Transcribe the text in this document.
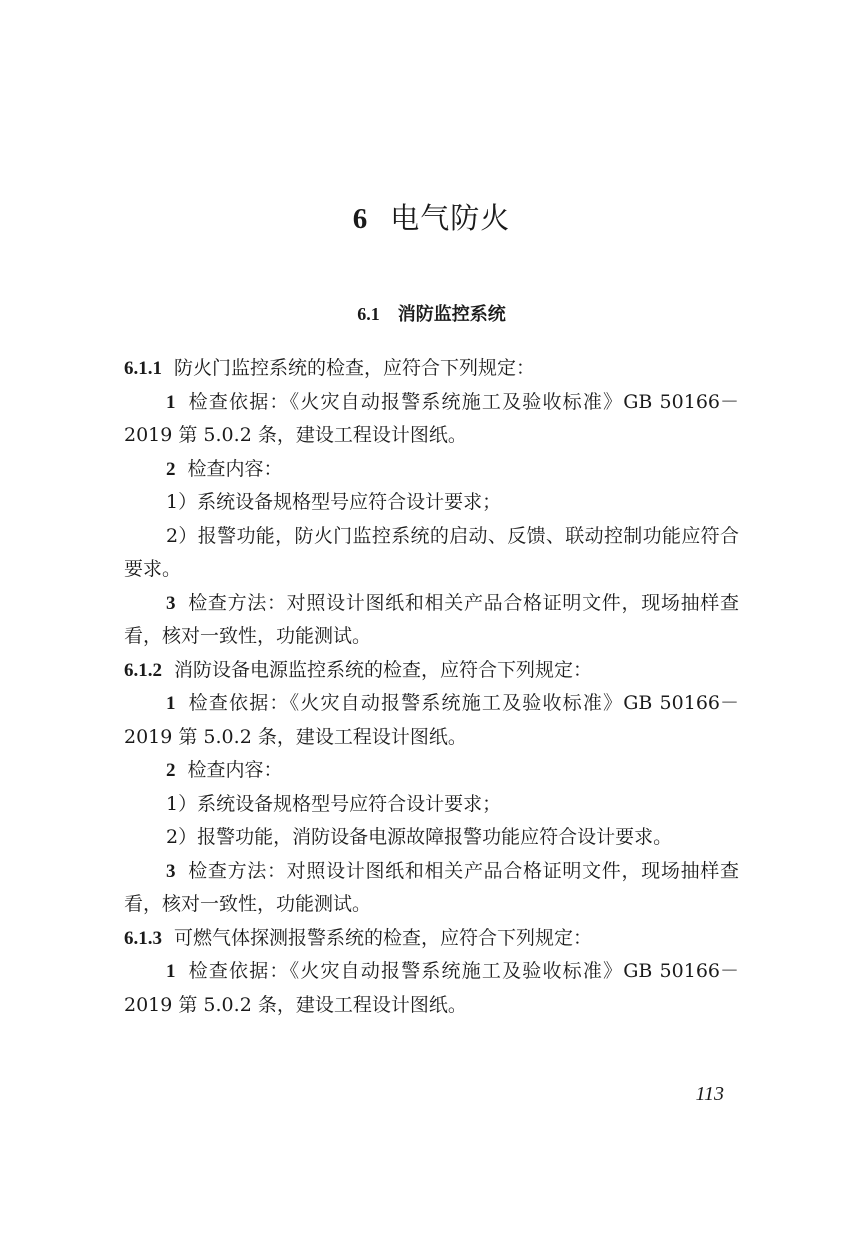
6 电气防火
6.1 消防监控系统

6.1.1 防火门监控系统的检查，应符合下列规定：

1 检查依据：《火灾自动报警系统施工及验收标准》GB 50166－2019 第 5.0.2 条，建设工程设计图纸。

2 检查内容：

1）系统设备规格型号应符合设计要求；

2）报警功能，防火门监控系统的启动、反馈、联动控制功能应符合要求。

3 检查方法：对照设计图纸和相关产品合格证明文件，现场抽样查看，核对一致性，功能测试。

6.1.2 消防设备电源监控系统的检查，应符合下列规定：

1 检查依据：《火灾自动报警系统施工及验收标准》GB 50166－2019 第 5.0.2 条，建设工程设计图纸。

2 检查内容：

1）系统设备规格型号应符合设计要求；

2）报警功能，消防设备电源故障报警功能应符合设计要求。

3 检查方法：对照设计图纸和相关产品合格证明文件，现场抽样查看，核对一致性，功能测试。

6.1.3 可燃气体探测报警系统的检查，应符合下列规定：

1 检查依据：《火灾自动报警系统施工及验收标准》GB 50166－2019 第 5.0.2 条，建设工程设计图纸。

113
